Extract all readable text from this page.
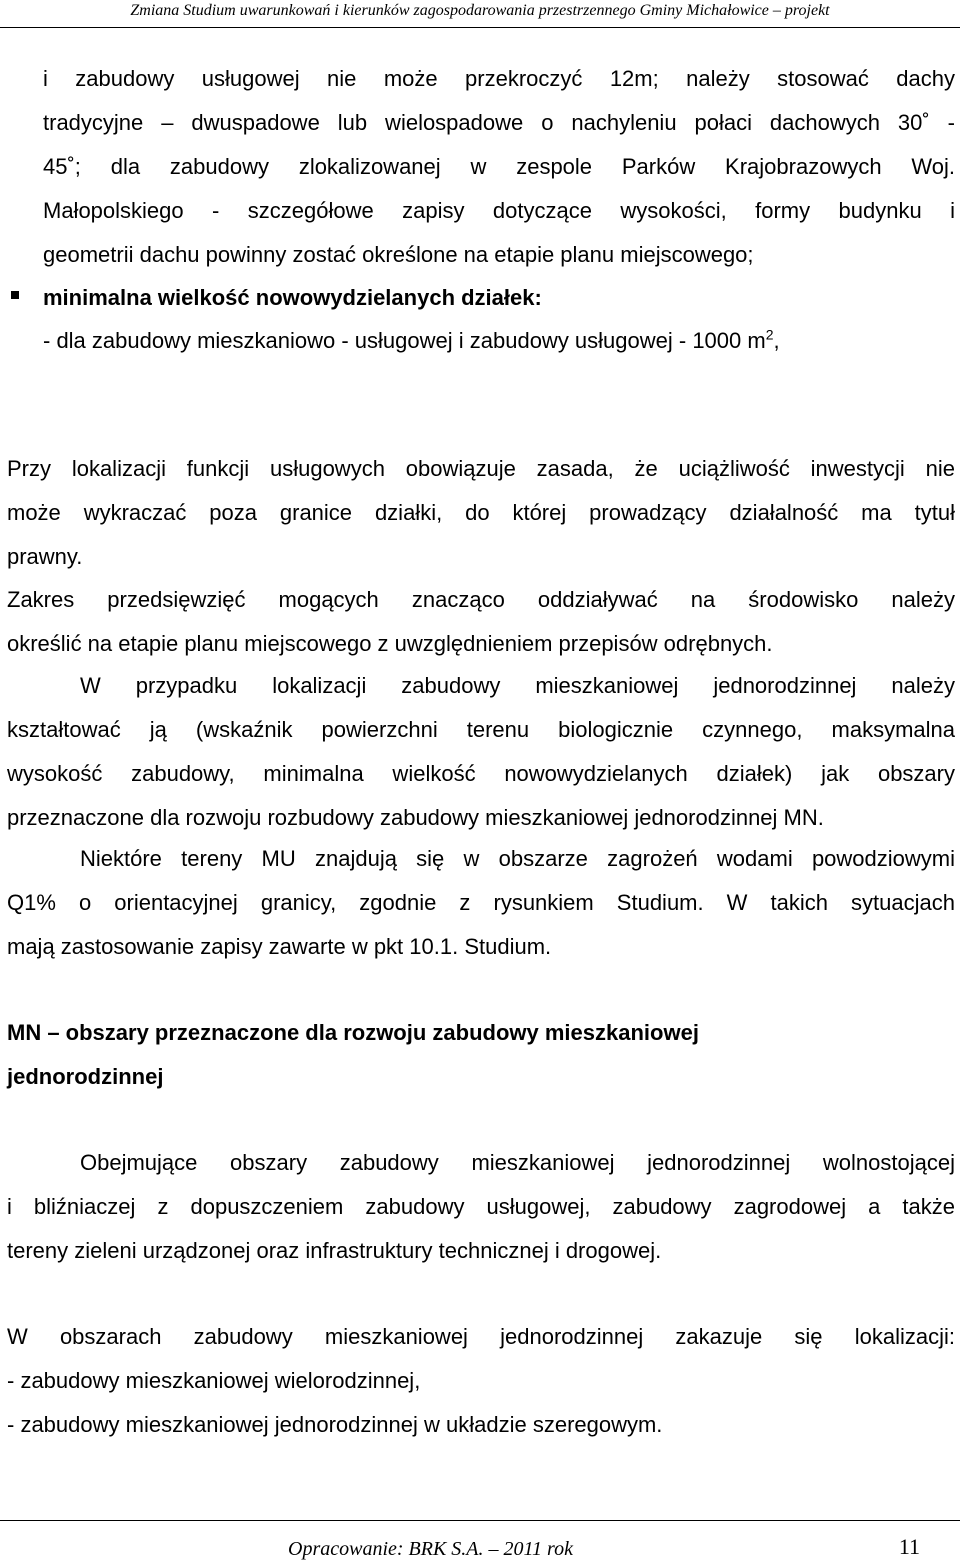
Zmiana Studium uwarunkowań i kierunków zagospodarowania przestrzennego Gminy Michałowice – projekt
i zabudowy usługowej nie może przekroczyć 12m; należy stosować dachy
tradycyjne – dwuspadowe lub wielospadowe o nachyleniu połaci dachowych 30˚ -
45˚; dla zabudowy zlokalizowanej w zespole Parków Krajobrazowych Woj.
Małopolskiego - szczegółowe zapisy dotyczące wysokości, formy budynku i
geometrii dachu powinny zostać określone na etapie planu miejscowego;
minimalna wielkość nowowydzielanych działek:
- dla zabudowy mieszkaniowo - usługowej i zabudowy usługowej - 1000 $m^2$,
Przy lokalizacji funkcji usługowych obowiązuje zasada, że uciążliwość inwestycji nie
może wykraczać poza granice działki, do której prowadzący działalność ma tytuł
prawny.
Zakres przedsięwzięć mogących znacząco oddziaływać na środowisko należy
określić na etapie planu miejscowego z uwzględnieniem przepisów odrębnych.
W przypadku lokalizacji zabudowy mieszkaniowej jednorodzinnej należy
kształtować ją (wskaźnik powierzchni terenu biologicznie czynnego, maksymalna
wysokość zabudowy, minimalna wielkość nowowydzielanych działek) jak obszary
przeznaczone dla rozwoju rozbudowy zabudowy mieszkaniowej jednorodzinnej MN.
Niektóre tereny MU znajdują się w obszarze zagrożeń wodami powodziowymi
Q1% o orientacyjnej granicy, zgodnie z rysunkiem Studium. W takich sytuacjach
mają zastosowanie zapisy zawarte w pkt 10.1. Studium.
MN – obszary przeznaczone dla rozwoju zabudowy mieszkaniowej
jednorodzinnej
Obejmujące obszary zabudowy mieszkaniowej jednorodzinnej wolnostojącej
i bliźniaczej z dopuszczeniem zabudowy usługowej, zabudowy zagrodowej a także
tereny zieleni urządzonej oraz infrastruktury technicznej i drogowej.
W obszarach zabudowy mieszkaniowej jednorodzinnej zakazuje się lokalizacji:
- zabudowy mieszkaniowej wielorodzinnej,
- zabudowy mieszkaniowej jednorodzinnej w układzie szeregowym.
Opracowanie: BRK S.A. – 2011 rok	11
